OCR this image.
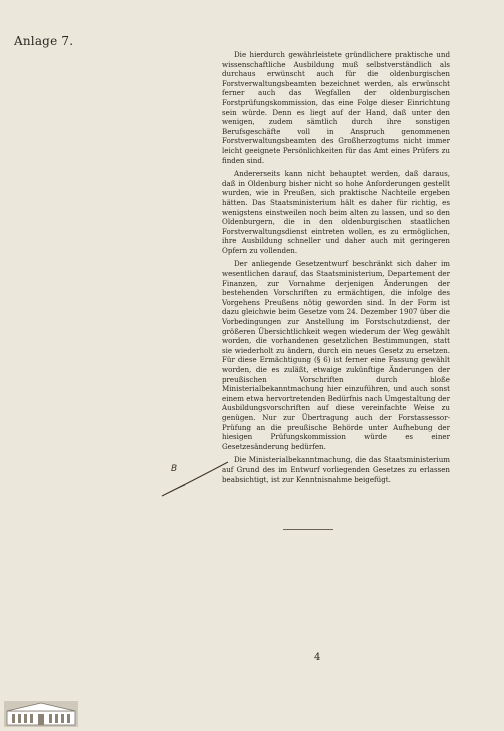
Anlage 7.

Die hierdurch gewährleistete gründlichere praktische und wissenschaftliche Ausbildung muß selbstverständlich als durchaus erwünscht auch für die oldenburgischen Forstverwaltungsbeamten bezeichnet werden, als erwünscht ferner auch das Wegfallen der oldenburgischen Forstprüfungskommission, das eine Folge dieser Einrichtung sein würde. Denn es liegt auf der Hand, daß unter den wenigen, zudem sämtlich durch ihre sonstigen Berufsgeschäfte voll in Anspruch genommenen Forstverwaltungsbeamten des Großherzogtums nicht immer leicht geeignete Persönlichkeiten für das Amt eines Prüfers zu finden sind.

Andererseits kann nicht behauptet werden, daß daraus, daß in Oldenburg bisher nicht so hohe Anforderungen gestellt wurden, wie in Preußen, sich praktische Nachteile ergeben hätten. Das Staatsministerium hält es daher für richtig, es wenigstens einstweilen noch beim alten zu lassen, und so den Oldenburgern, die in den oldenburgischen staatlichen Forstverwaltungsdienst eintreten wollen, es zu ermöglichen, ihre Ausbildung schneller und daher auch mit geringeren Opfern zu vollenden.

Der anliegende Gesetzentwurf beschränkt sich daher im wesentlichen darauf, das Staatsministerium, Departement der Finanzen, zur Vornahme derjenigen Änderungen der bestehenden Vorschriften zu ermächtigen, die infolge des Vorgehens Preußens nötig geworden sind. In der Form ist dazu gleichwie beim Gesetze vom 24. Dezember 1907 über die Vorbedingungen zur Anstellung im Forstschutzdienst, der größeren Übersichtlichkeit wegen wiederum der Weg gewählt worden, die vorhandenen gesetzlichen Bestimmungen, statt sie wiederholt zu ändern, durch ein neues Gesetz zu ersetzen. Für diese Ermächtigung (§ 6) ist ferner eine Fassung gewählt worden, die es zuläßt, etwaige zukünftige Änderungen der preußischen Vorschriften durch bloße Ministerialbekanntmachung hier einzuführen, und auch sonst einem etwa hervortretenden Bedürfnis nach Umgestaltung der Ausbildungsvorschriften auf diese vereinfachte Weise zu genügen. Nur zur Übertragung auch der Forstassessor-Prüfung an die preußische Behörde unter Aufhebung der hiesigen Prüfungskommission würde es einer Gesetzesänderung bedürfen.

Die Ministerialbekanntmachung, die das Staatsministerium auf Grund des im Entwurf vorliegenden Gesetzes zu erlassen beabsichtigt, ist zur Kenntnisnahme beigefügt.

B
4
